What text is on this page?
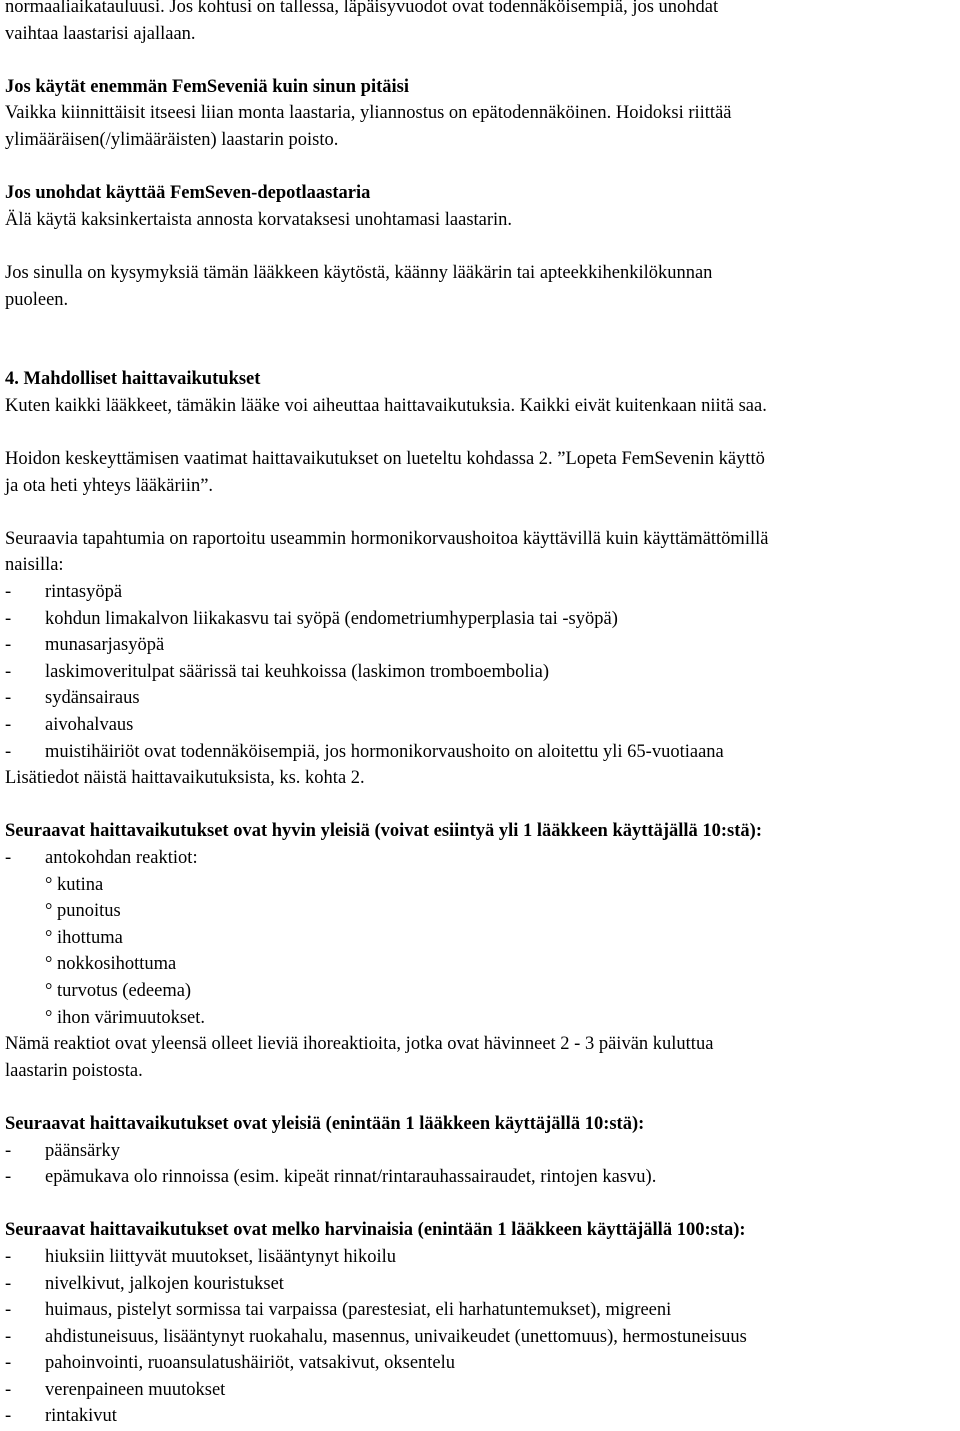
normaaliaikatauluusi. Jos kohtusi on tallessa, läpäisyvuodot ovat todennäköisempiä, jos unohdat
vaihtaa laastarisi ajallaan.
Jos käytät enemmän FemSeveniä kuin sinun pitäisi
Vaikka kiinnittäisit itseesi liian monta laastaria, yliannostus on epätodennäköinen. Hoidoksi riittää
ylimääräisen(/ylimääräisten) laastarin poisto.
Jos unohdat käyttää FemSeven-depotlaastaria
Älä käytä kaksinkertaista annosta korvataksesi unohtamasi laastarin.
Jos sinulla on kysymyksiä tämän lääkkeen käytöstä, käänny lääkärin tai apteekkihenkilökunnan
puoleen.
4. Mahdolliset haittavaikutukset
Kuten kaikki lääkkeet, tämäkin lääke voi aiheuttaa haittavaikutuksia. Kaikki eivät kuitenkaan niitä saa.
Hoidon keskeyttämisen vaatimat haittavaikutukset on lueteltu kohdassa 2. ”Lopeta FemSevenin käyttö
ja ota heti yhteys lääkäriin”.
Seuraavia tapahtumia on raportoitu useammin hormonikorvaushoitoa käyttävillä kuin käyttämättömillä
naisilla:
-	rintasyöpä
-	kohdun limakalvon liikakasvu tai syöpä (endometriumhyperplasia tai -syöpä)
-	munasarjasyöpä
-	laskimoveritulpat säärissä tai keuhkoissa (laskimon tromboembolia)
-	sydänsairaus
-	aivohalvaus
-	muistihäiriöt ovat todennäköisempiä, jos hormonikorvaushoito on aloitettu yli 65-vuotiaana
Lisätiedot näistä haittavaikutuksista, ks. kohta 2.
Seuraavat haittavaikutukset ovat hyvin yleisiä (voivat esiintyä yli 1 lääkkeen käyttäjällä 10:stä):
-	antokohdan reaktiot:
° kutina
° punoitus
° ihottuma
° nokkosihottuma
° turvotus (edeema)
° ihon värimuutokset.
Nämä reaktiot ovat yleensä olleet lieviä ihoreaktioita, jotka ovat hävinneet 2 - 3 päivän kuluttua
laastarin poistosta.
Seuraavat haittavaikutukset ovat yleisiä (enintään 1 lääkkeen käyttäjällä 10:stä):
-	päänsärky
-	epämukava olo rinnoissa (esim. kipeät rinnat/rintarauhassairaudet, rintojen kasvu).
Seuraavat haittavaikutukset ovat melko harvinaisia (enintään 1 lääkkeen käyttäjällä 100:sta):
-	hiuksiin liittyvät muutokset, lisääntynyt hikoilu
-	nivelkivut, jalkojen kouristukset
-	huimaus, pistelyt sormissa tai varpaissa (parestesiat, eli harhatuntemukset), migreeni
-	ahdistuneisuus, lisääntynyt ruokahalu, masennus, univaikeudet (unettomuus), hermostuneisuus
-	pahoinvointi, ruoansulatushäiriöt, vatsakivut, oksentelu
-	verenpaineen muutokset
-	rintakivut
